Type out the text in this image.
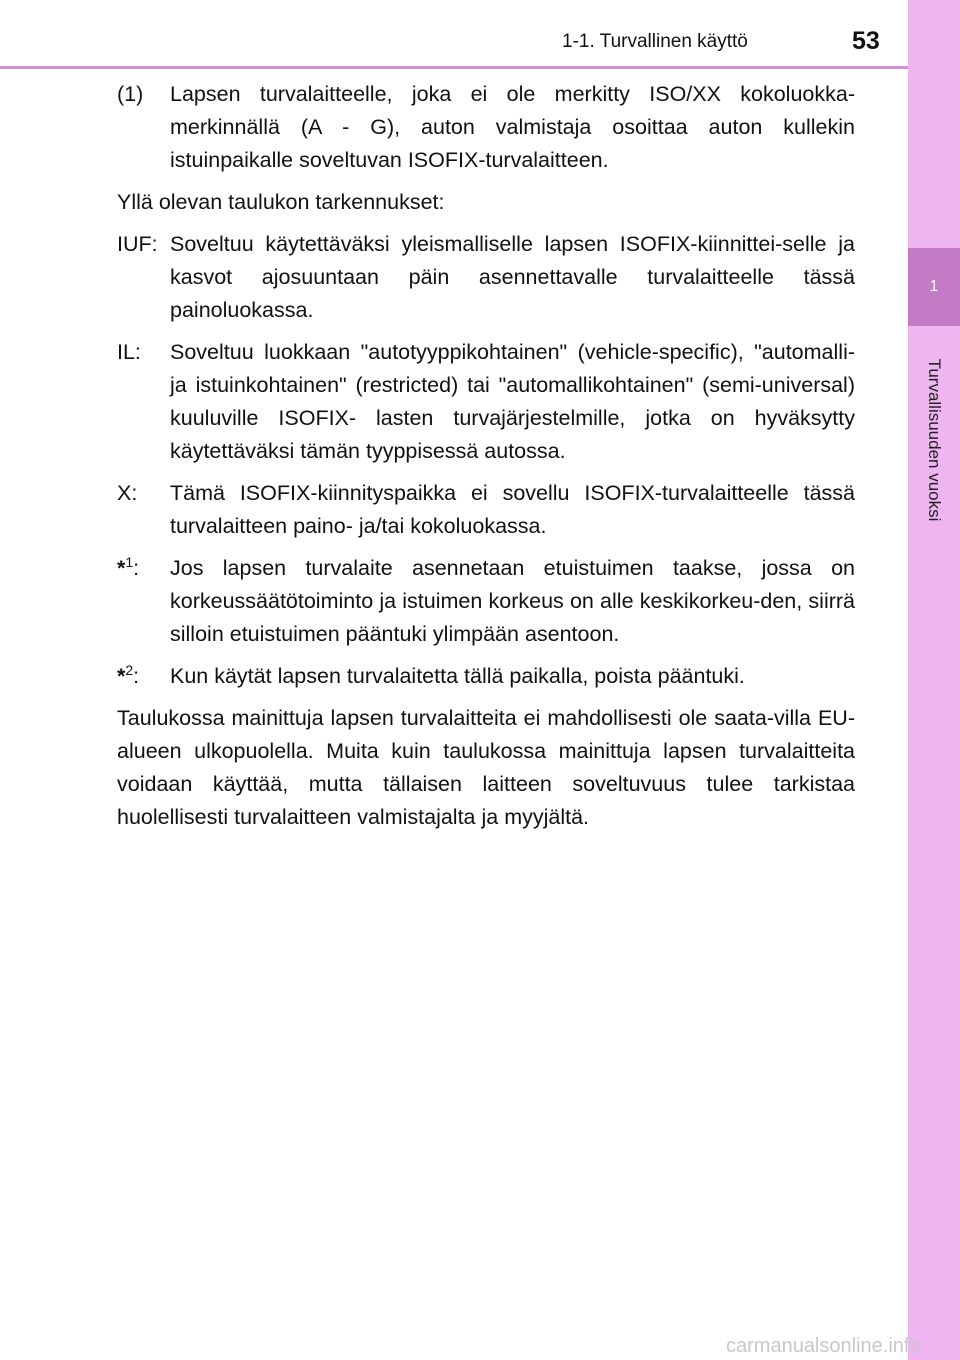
1
Turvallisuuden vuoksi
1-1. Turvallinen käyttö	53
(1)	Lapsen turvalaitteelle, joka ei ole merkitty ISO/XX kokoluokka-merkinnällä (A - G), auton valmistaja osoittaa auton kullekin istuinpaikalle soveltuvan ISOFIX-turvalaitteen.
Yllä olevan taulukon tarkennukset:
IUF: Soveltuu käytettäväksi yleismalliselle lapsen ISOFIX-kiinnittei-selle ja kasvot ajosuuntaan päin asennettavalle turvalaitteelle tässä painoluokassa.
IL:	Soveltuu luokkaan "autotyyppikohtainen" (vehicle-specific), "automalli- ja istuinkohtainen" (restricted) tai "automallikohtainen" (semi-universal) kuuluville ISOFIX- lasten turvajärjestelmille, jotka on hyväksytty käytettäväksi tämän tyyppisessä autossa.
X:	Tämä ISOFIX-kiinnityspaikka ei sovellu ISOFIX-turvalaitteelle tässä turvalaitteen paino- ja/tai kokoluokassa.
*$^1$:	Jos lapsen turvalaite asennetaan etuistuimen taakse, jossa on korkeussäätötoiminto ja istuimen korkeus on alle keskikorkeu-den, siirrä silloin etuistuimen pääntuki ylimpään asentoon.
*$^2$:	Kun käytät lapsen turvalaitetta tällä paikalla, poista pääntuki.
Taulukossa mainittuja lapsen turvalaitteita ei mahdollisesti ole saata-villa EU-alueen ulkopuolella. Muita kuin taulukossa mainittuja lapsen turvalaitteita voidaan käyttää, mutta tällaisen laitteen soveltuvuus tulee tarkistaa huolellisesti turvalaitteen valmistajalta ja myyjältä.
carmanualsonline.info
